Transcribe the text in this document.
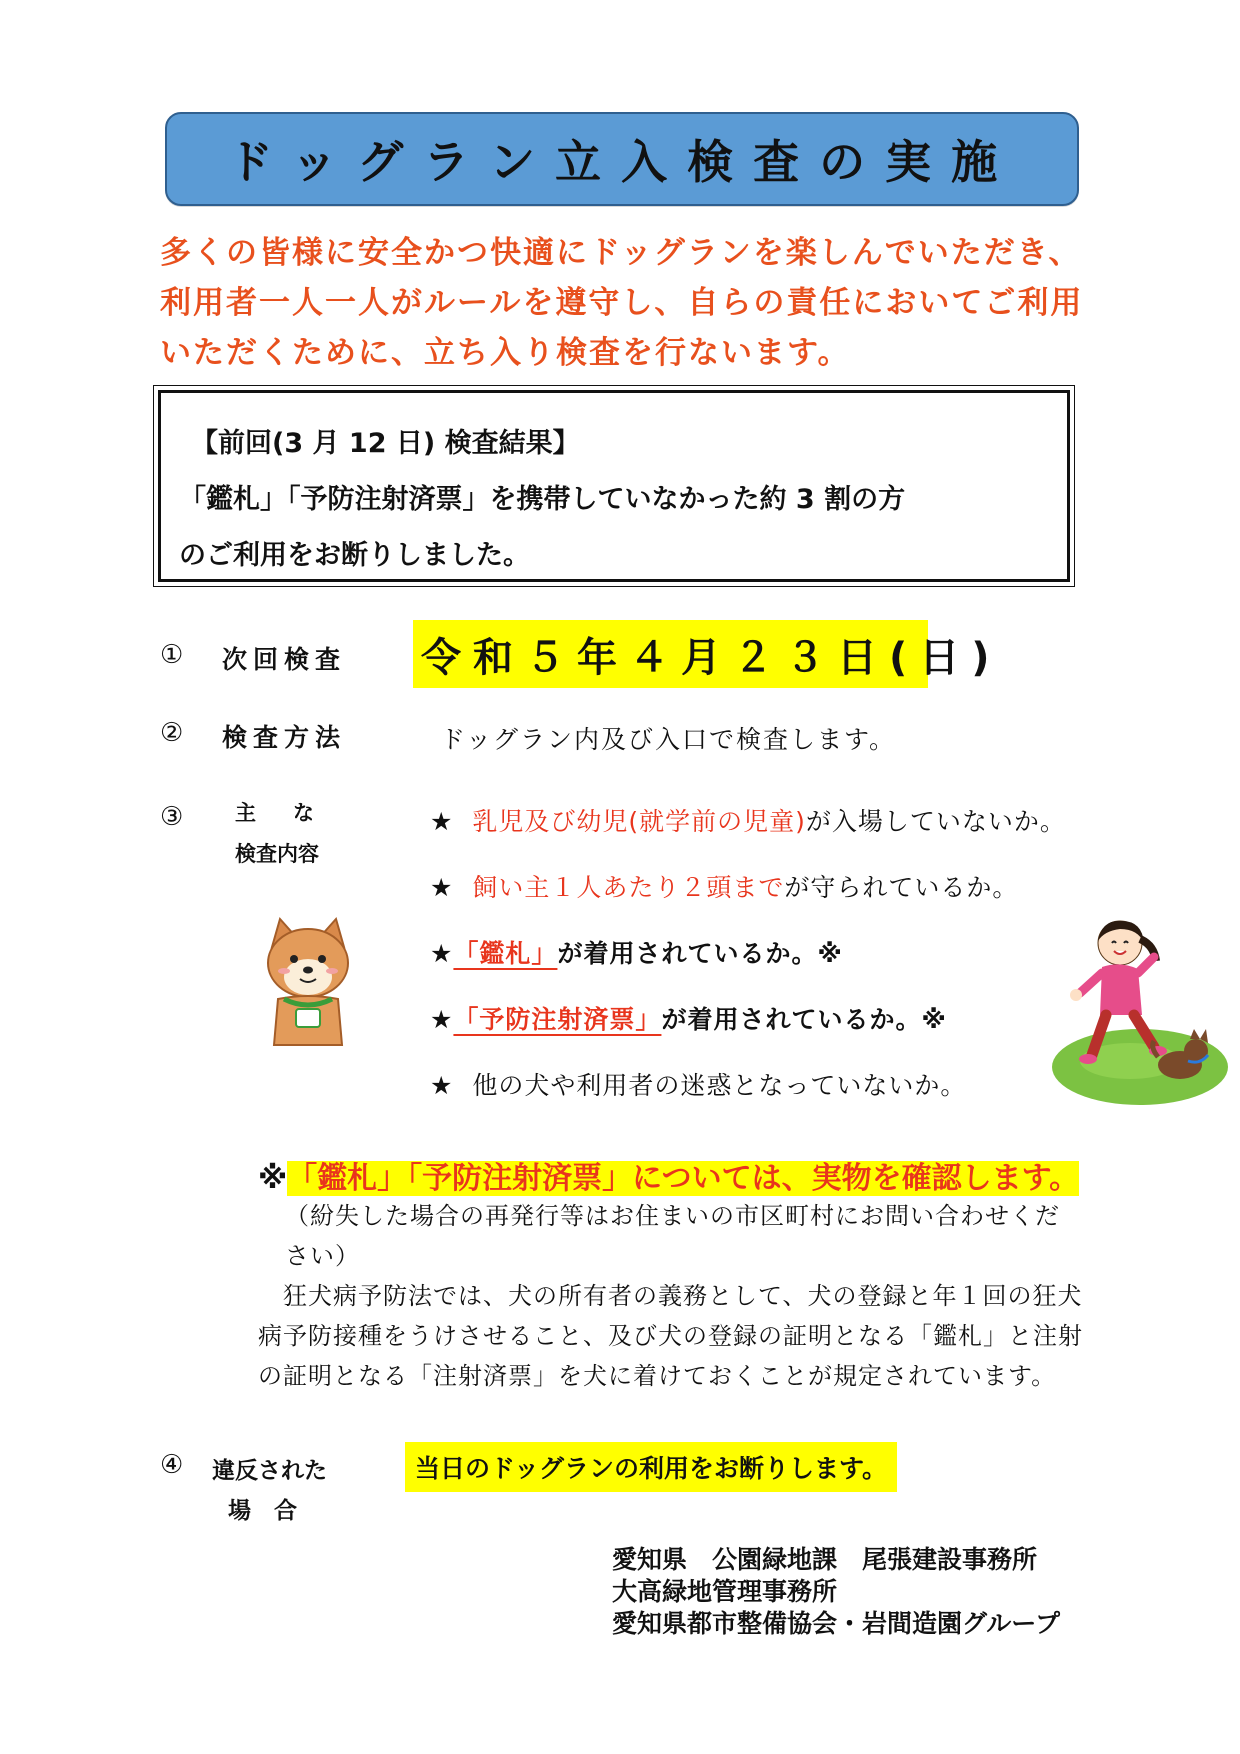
ドッグラン立入検査の実施
多くの皆様に安全かつ快適にドッグランを楽しんでいただき、
利用者一人一人がルールを遵守し、自らの責任においてご利用
いただくために、立ち入り検査を行ないます。
【前回(3 月 12 日) 検査結果】
「鑑札」「予防注射済票」を携帯していなかった約 3 割の方
のご利用をお断りしました。
① 次回検査 令和５年４月２３日(日)
② 検査方法	ドッグラン内及び入口で検査します。
③ 主　な
検査内容
★ 乳児及び幼児(就学前の児童)が入場していないか。
★ 飼い主１人あたり２頭までが守られているか。
★「鑑札」が着用されているか。※
★「予防注射済票」が着用されているか。※
★ 他の犬や利用者の迷惑となっていないか。
※「鑑札」「予防注射済票」については、実物を確認します。
（紛失した場合の再発行等はお住まいの市区町村にお問い合わせくだ
さい）
　狂犬病予防法では、犬の所有者の義務として、犬の登録と年１回の狂犬
病予防接種をうけさせること、及び犬の登録の証明となる「鑑札」と注射
の証明となる「注射済票」を犬に着けておくことが規定されています。
④ 違反された
場　合
当日のドッグランの利用をお断りします。
愛知県　公園緑地課　尾張建設事務所
大高緑地管理事務所
愛知県都市整備協会・岩間造園グループ
